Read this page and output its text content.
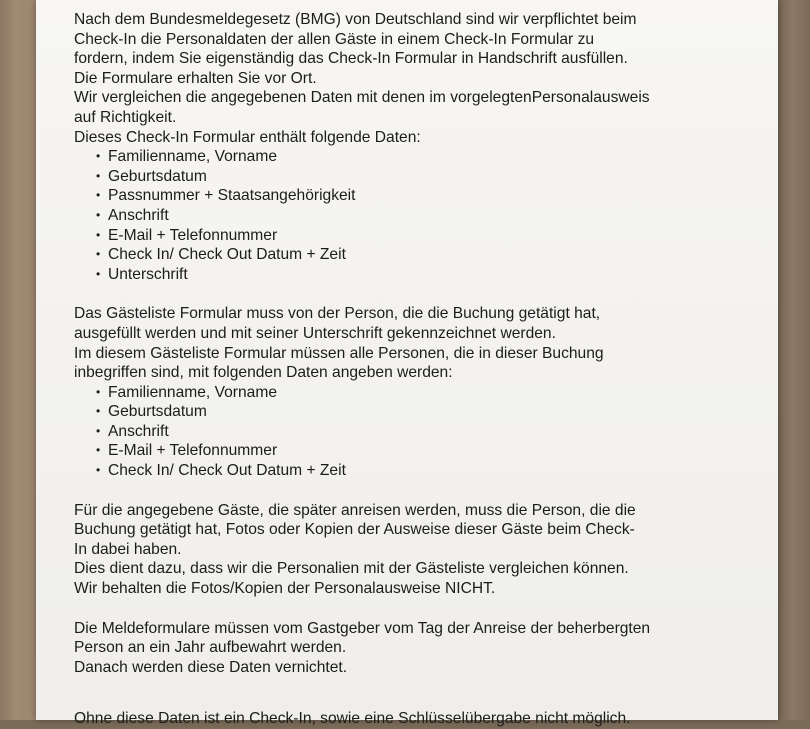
Nach dem Bundesmeldegesetz (BMG) von Deutschland sind wir verpflichtet beim

Check-In die Personaldaten der allen Gäste in einem Check-In Formular zu

fordern, indem Sie eigenständig das Check-In Formular in Handschrift ausfüllen.

Die Formulare erhalten Sie vor Ort.

Wir vergleichen die angegebenen Daten mit denen im vorgelegtenPersonalausweis

auf Richtigkeit.

Dieses Check-In Formular enthält folgende Daten:

• Familienname, Vorname
• Geburtsdatum
• Passnummer + Staatsangehörigkeit
• Anschrift
• E-Mail + Telefonnummer
• Check In/ Check Out Datum + Zeit
• Unterschrift

Das Gästeliste Formular muss von der Person, die die Buchung getätigt hat,

ausgefüllt werden und mit seiner Unterschrift gekennzeichnet werden.

Im diesem Gästeliste Formular müssen alle Personen, die in dieser Buchung

inbegriffen sind, mit folgenden Daten angeben werden:

• Familienname, Vorname
• Geburtsdatum
• Anschrift
• E-Mail + Telefonnummer
• Check In/ Check Out Datum + Zeit

Für die angegebene Gäste, die später anreisen werden, muss die Person, die die

Buchung getätigt hat, Fotos oder Kopien der Ausweise dieser Gäste beim Check-

In dabei haben.

Dies dient dazu, dass wir die Personalien mit der Gästeliste vergleichen können.

Wir behalten die Fotos/Kopien der Personalausweise NICHT.

Die Meldeformulare müssen vom Gastgeber vom Tag der Anreise der beherbergten

Person an ein Jahr aufbewahrt werden.

Danach werden diese Daten vernichtet.

Ohne diese Daten ist ein Check-In, sowie eine Schlüsselübergabe nicht möglich.
